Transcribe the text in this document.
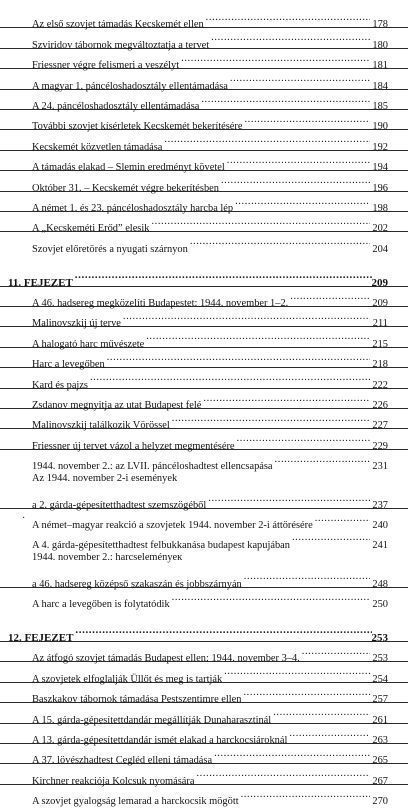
Az első szovjet támadás Kecskemét ellen .....	178
Szviridov tábornok megváltoztatja a tervet .....	180
Friessner végre felismeri a veszélyt .....	181
A magyar 1. páncéloshadosztály ellentámadása .....	184
A 24. páncéloshadosztály ellentámadása .....	185
További szovjet kísérletek Kecskemét bekerítésére .....	190
Kecskemét közvetlen támadása .....	192
A támadás elakad – Slemin eredményt követel .....	194
Október 31. – Kecskemét végre bekerítésben .....	196
A német 1. és 23. páncéloshadosztály harcba lép .....	198
A „Kecskeméti Erőd” elesik .....	202
Szovjet előretörés a nyugati szárnyon .....	204
11. FEJEZET .....	209
A 46. hadsereg megközelíti Budapestet: 1944. november 1–2. .....	209
Malinovszkij új terve .....	211
A halogató harc művészete .....	215
Harc a levegőben .....	218
Kard és pajzs .....	222
Zsdanov megnyitja az utat Budapest felé .....	226
Malinovszkij találkozik Vörössel .....	227
Friessner új tervet vázol a helyzet megmentésére .....	229
1944. november 2.: az LVII. páncéloshadtest ellencsapása .....	231
Az 1944. november 2-i események
a 2. gárda-gépesítetthadtest szemszögéből .....	237
·
A német–magyar reakció a szovjetek 1944. november 2-i áttörésére .....	240
A 4. gárda-gépesítetthadtest felbukkanása budapest kapujában .....	241
1944. november 2.: harcseleményeк
a 46. hadsereg középső szakaszán és jobbszárnyán .....	248
A harc a levegőben is folytatódik .....	250
12. FEJEZET .....	253
Az átfogó szovjet támadás Budapest ellen: 1944. november 3–4. .....	253
A szovjetek elfoglalják Üllőt és meg is tartják .....	254
Baszkakov tábornok támadása Pestszentimre ellen .....	257
A 15. gárda-gépesítettdandár megállítják Dunaharasztinál .....	261
A 13. gárda-gépesítettdandár ismét elakad a harckocsiároknál .....	263
A 37. lövészhadtest Cegléd elleni támadása .....	265
Kirchner reakciója Kolcsuk nyomására .....	267
A szovjet gyalogság lemarad a harckocsik mögött .....	270
